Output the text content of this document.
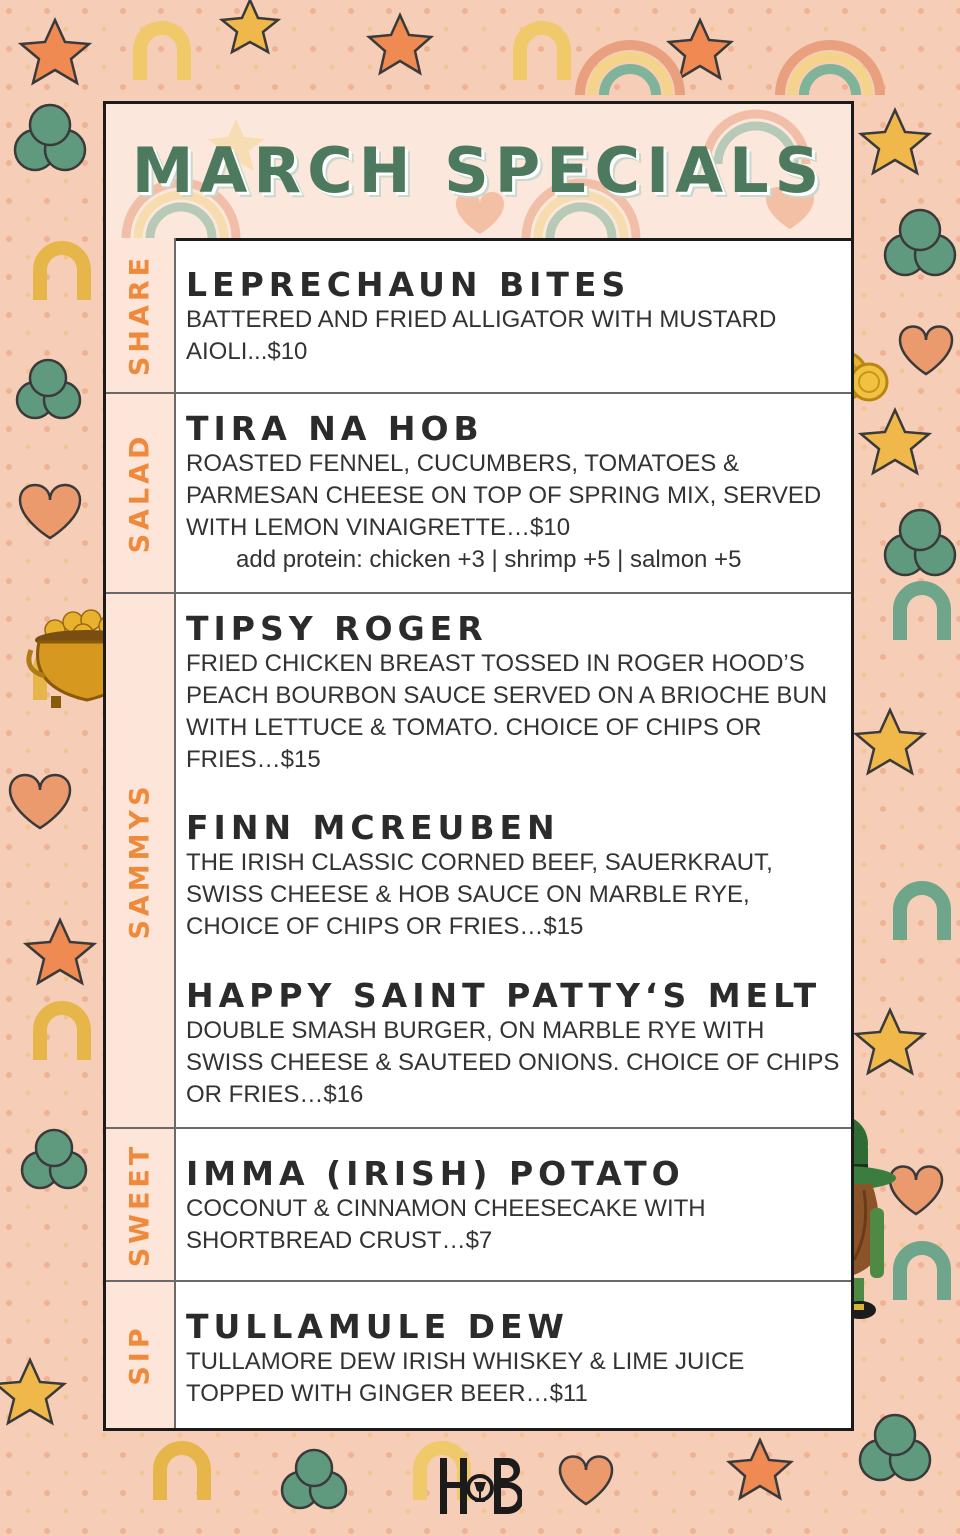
MARCH SPECIALS
SHARE LEPRECHAUN BITES
BATTERED AND FRIED ALLIGATOR WITH MUSTARD AIOLI...$10
SALAD
TIRA NA HOB
ROASTED FENNEL, CUCUMBERS, TOMATOES & PARMESAN CHEESE ON TOP OF SPRING MIX, SERVED WITH LEMON VINAIGRETTE…$10
add protein: chicken +3 | shrimp +5 | salmon +5
SAMMYS
TIPSY ROGER
FRIED CHICKEN BREAST TOSSED IN ROGER HOOD’S PEACH BOURBON SAUCE SERVED ON A BRIOCHE BUN WITH LETTUCE & TOMATO. CHOICE OF CHIPS OR FRIES…$15
FINN MCREUBEN
THE IRISH CLASSIC CORNED BEEF, SAUERKRAUT, SWISS CHEESE & HOB SAUCE ON MARBLE RYE, CHOICE OF CHIPS OR FRIES…$15
HAPPY SAINT PATTY‘S MELT
DOUBLE SMASH BURGER, ON MARBLE RYE WITH SWISS CHEESE & SAUTEED ONIONS. CHOICE OF CHIPS OR FRIES…$16
SWEET IMMA (IRISH) POTATO
COCONUT & CINNAMON CHEESECAKE WITH SHORTBREAD CRUST…$7
SIP TULLAMULE DEW
TULLAMORE DEW IRISH WHISKEY & LIME JUICE TOPPED WITH GINGER BEER…$11
